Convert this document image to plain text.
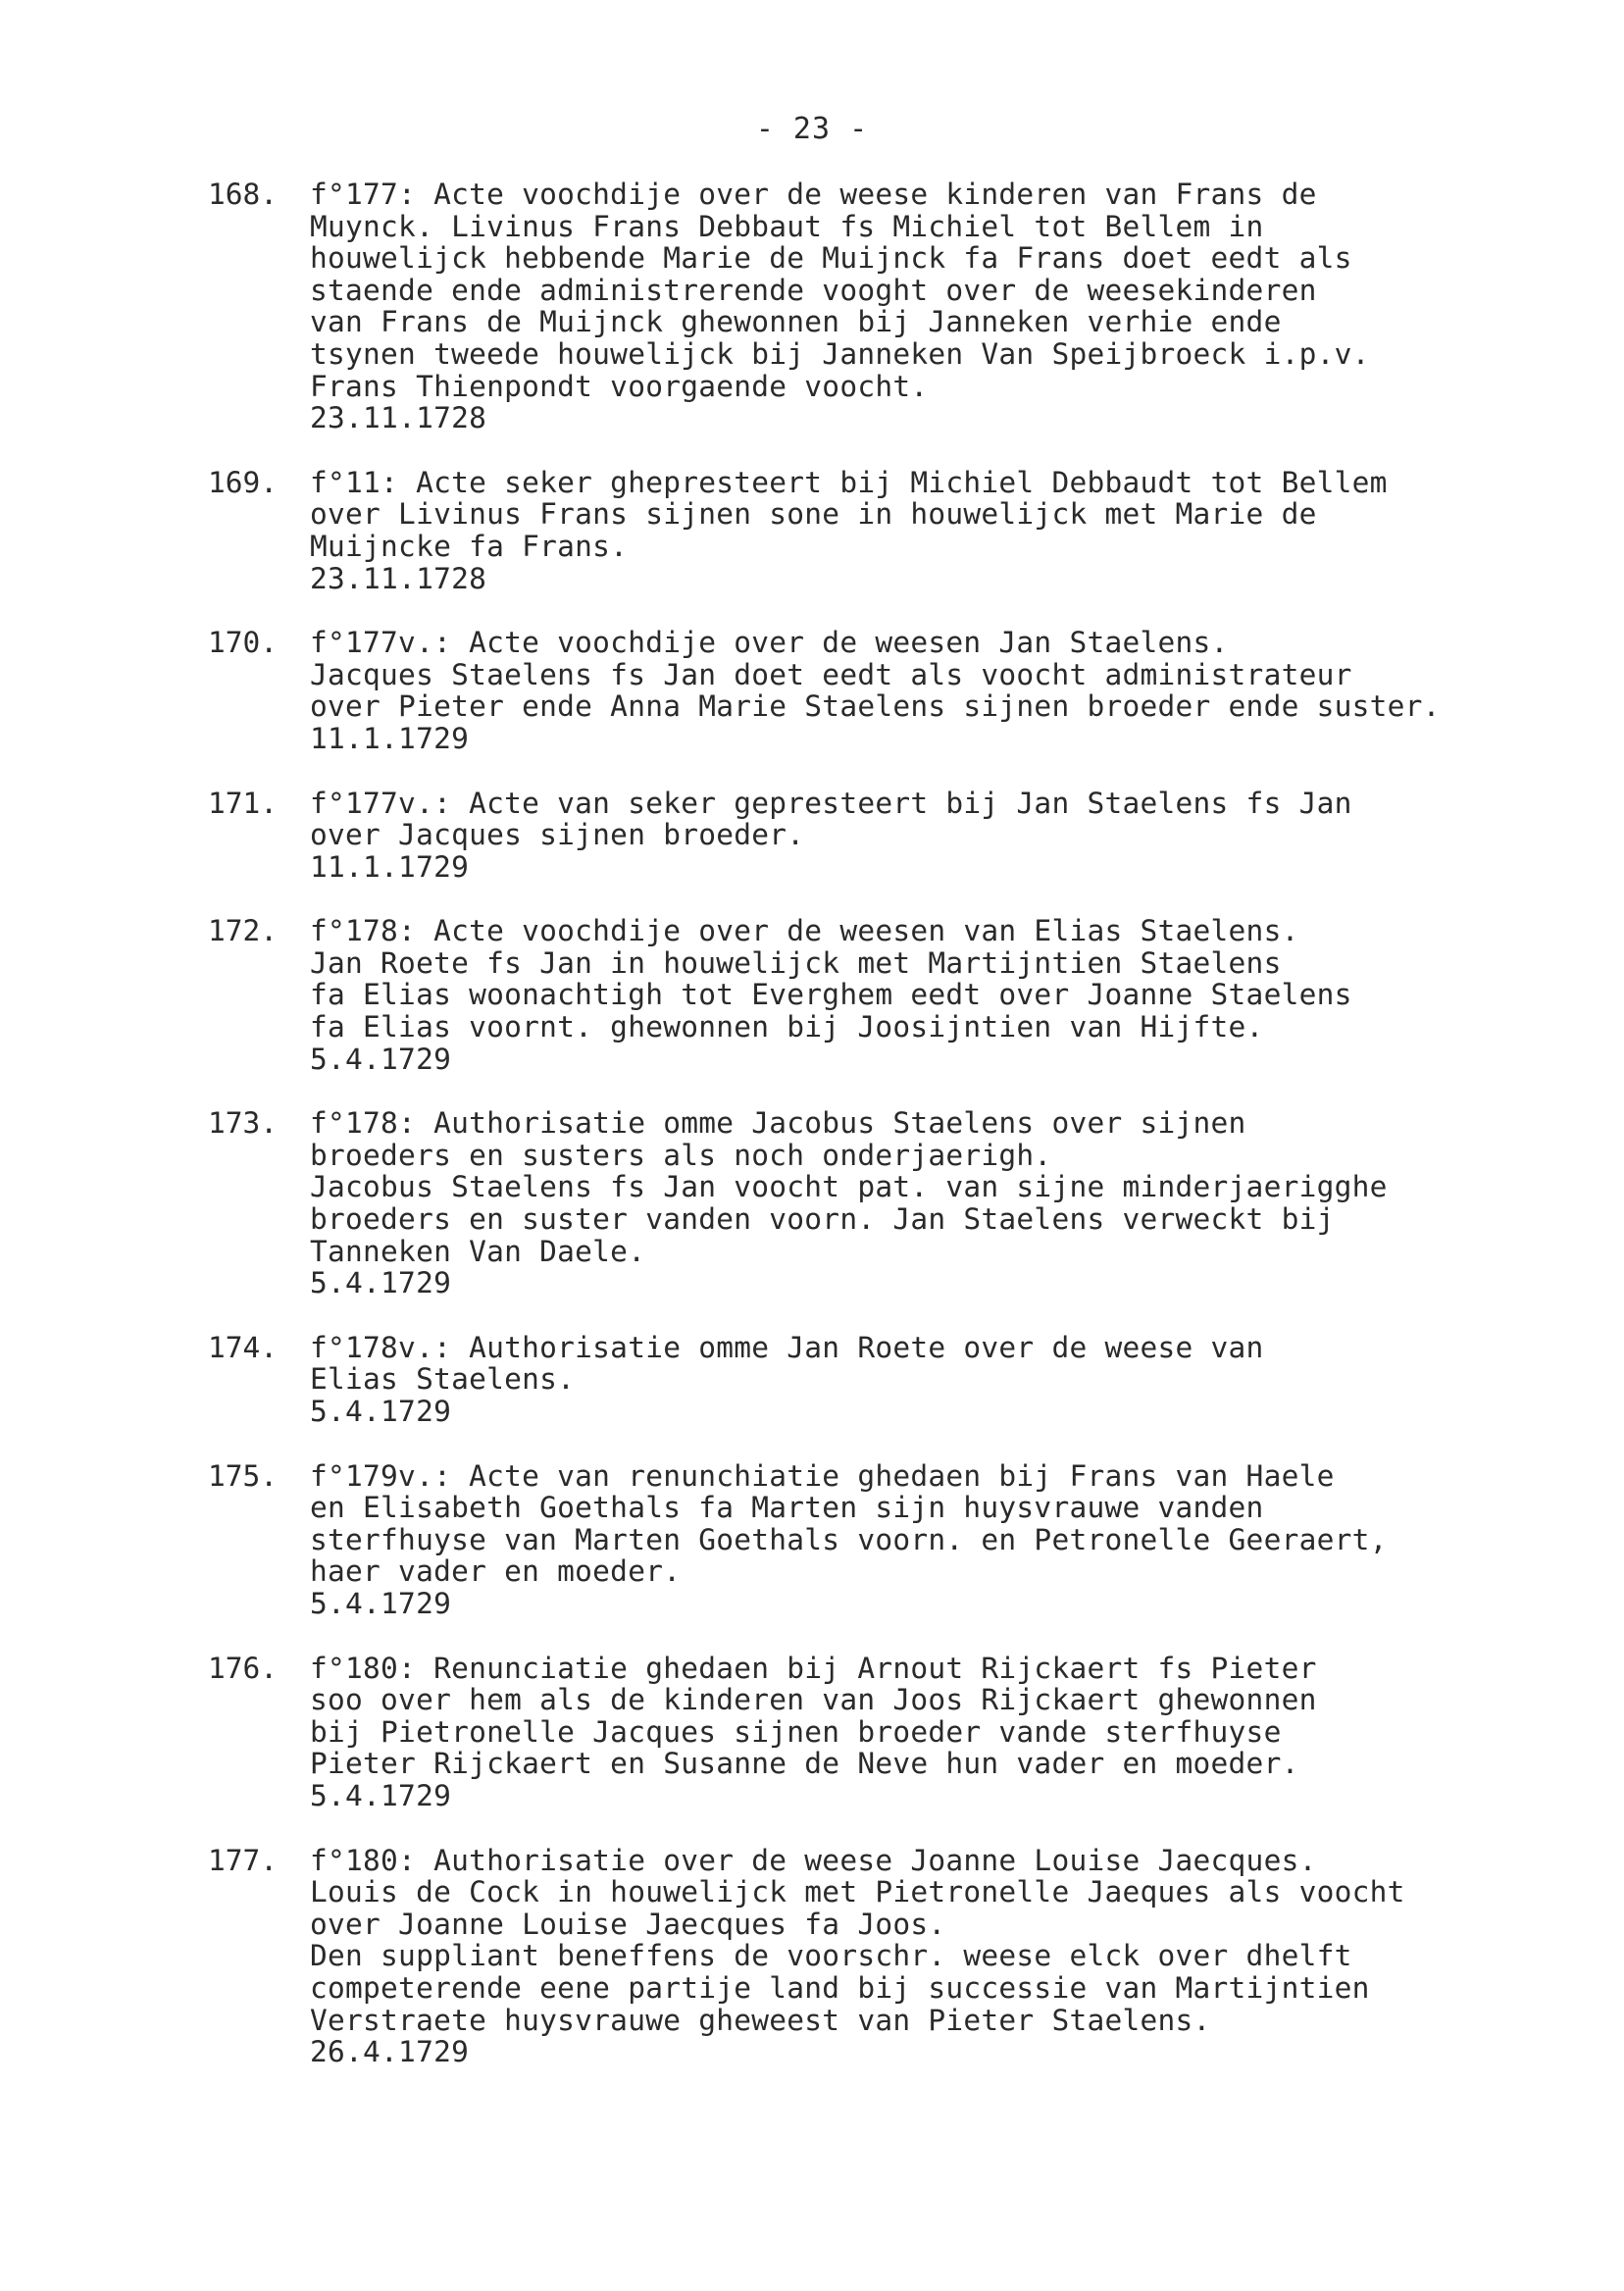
- 23 -
168.	f°177: Acte voochdije over de weese kinderen van Frans de
Muynck. Livinus Frans Debbaut fs Michiel tot Bellem in
houwelijck hebbende Marie de Muijnck fa Frans doet eedt als
staende ende administrerende vooght over de weesekinderen
van Frans de Muijnck ghewonnen bij Janneken verhie ende
tsynen tweede houwelijck bij Janneken Van Speijbroeck i.p.v.
Frans Thienpondt voorgaende voocht.
23.11.1728
169.	f°11: Acte seker ghepresteert bij Michiel Debbaudt tot Bellem
over Livinus Frans sijnen sone in houwelijck met Marie de
Muijncke fa Frans.
23.11.1728
170.	f°177v.: Acte voochdije over de weesen Jan Staelens.
Jacques Staelens fs Jan doet eedt als voocht administrateur
over Pieter ende Anna Marie Staelens sijnen broeder ende suster.
11.1.1729
171.	f°177v.: Acte van seker gepresteert bij Jan Staelens fs Jan
over Jacques sijnen broeder.
11.1.1729
172.	f°178: Acte voochdije over de weesen van Elias Staelens.
Jan Roete fs Jan in houwelijck met Martijntien Staelens
fa Elias woonachtigh tot Everghem eedt over Joanne Staelens
fa Elias voornt. ghewonnen bij Joosijntien van Hijfte.
5.4.1729
173.	f°178: Authorisatie omme Jacobus Staelens over sijnen
broeders en susters als noch onderjaerigh.
Jacobus Staelens fs Jan voocht pat. van sijne minderjaerigghe
broeders en suster vanden voorn. Jan Staelens verweckt bij
Tanneken Van Daele.
5.4.1729
174.	f°178v.: Authorisatie omme Jan Roete over de weese van
Elias Staelens.
5.4.1729
175.	f°179v.: Acte van renunchiatie ghedaen bij Frans van Haele
en Elisabeth Goethals fa Marten sijn huysvrauwe vanden
sterfhuyse van Marten Goethals voorn. en Petronelle Geeraert,
haer vader en moeder.
5.4.1729
176.	f°180: Renunciatie ghedaen bij Arnout Rijckaert fs Pieter
soo over hem als de kinderen van Joos Rijckaert ghewonnen
bij Pietronelle Jacques sijnen broeder vande sterfhuyse
Pieter Rijckaert en Susanne de Neve hun vader en moeder.
5.4.1729
177.	f°180: Authorisatie over de weese Joanne Louise Jaecques.
Louis de Cock in houwelijck met Pietronelle Jaeques als voocht
over Joanne Louise Jaecques fa Joos.
Den suppliant beneffens de voorschr. weese elck over dhelft
competerende eene partije land bij successie van Martijntien
Verstraete huysvrauwe gheweest van Pieter Staelens.
26.4.1729
